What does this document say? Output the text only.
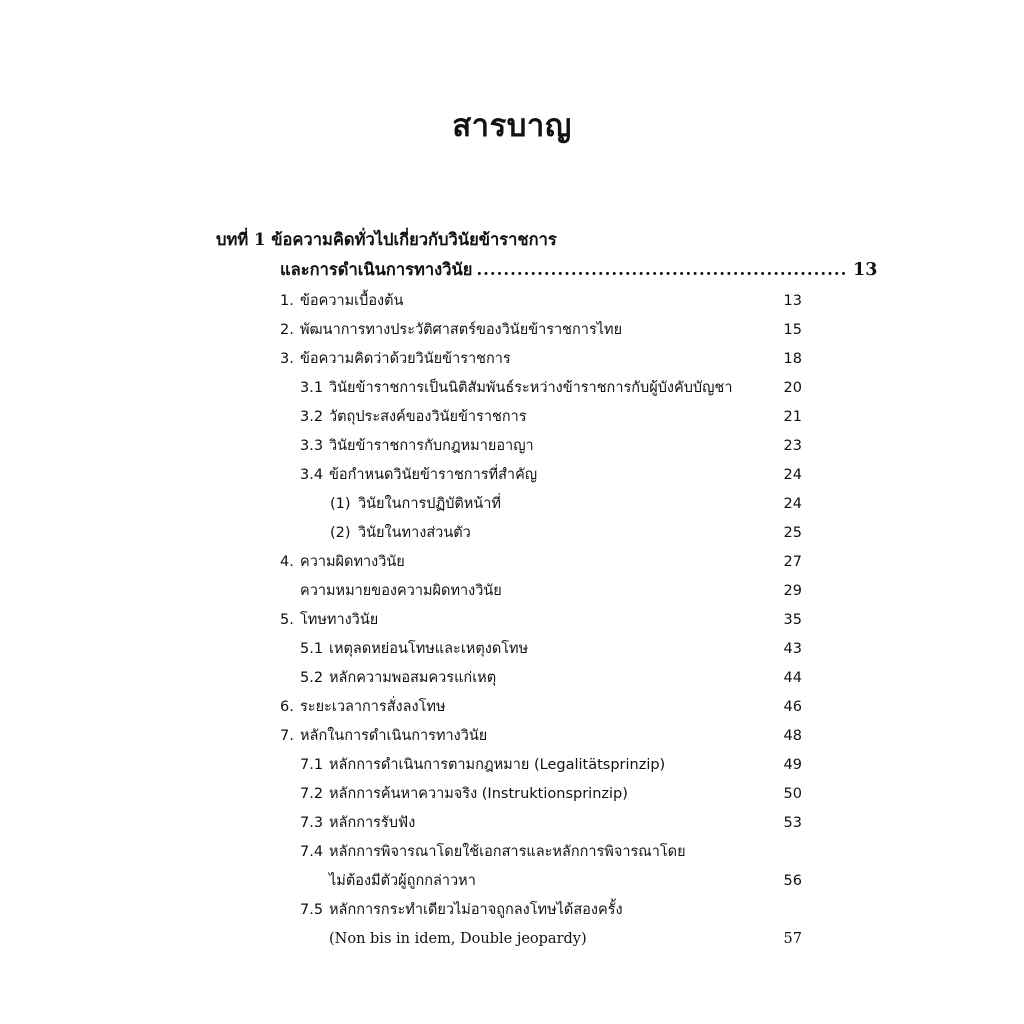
สารบาญ
บทที่ 1 ข้อความคิดทั่วไปเกี่ยวกับวินัยข้าราชการ
และการดำเนินการทางวินัย ....................................................... 13
1. ข้อความเบื้องต้น	13
2. พัฒนาการทางประวัติศาสตร์ของวินัยข้าราชการไทย	15
3. ข้อความคิดว่าด้วยวินัยข้าราชการ	18
3.1 วินัยข้าราชการเป็นนิติสัมพันธ์ระหว่างข้าราชการกับผู้บังคับบัญชา	20
3.2 วัตถุประสงค์ของวินัยข้าราชการ	21
3.3 วินัยข้าราชการกับกฎหมายอาญา	23
3.4 ข้อกำหนดวินัยข้าราชการที่สำคัญ	24
(1) วินัยในการปฏิบัติหน้าที่	24
(2) วินัยในทางส่วนตัว	25
4. ความผิดทางวินัย	27
ความหมายของความผิดทางวินัย	29
5. โทษทางวินัย	35
5.1 เหตุลดหย่อนโทษและเหตุงดโทษ	43
5.2 หลักความพอสมควรแก่เหตุ	44
6. ระยะเวลาการสั่งลงโทษ	46
7. หลักในการดำเนินการทางวินัย	48
7.1 หลักการดำเนินการตามกฎหมาย (Legalitätsprinzip)	49
7.2 หลักการค้นหาความจริง (Instruktionsprinzip)	50
7.3 หลักการรับฟัง	53
7.4 หลักการพิจารณาโดยใช้เอกสารและหลักการพิจารณาโดย
ไม่ต้องมีตัวผู้ถูกกล่าวหา	56
7.5 หลักการกระทำเดียวไม่อาจถูกลงโทษได้สองครั้ง
(Non bis in idem, Double jeopardy)	57
